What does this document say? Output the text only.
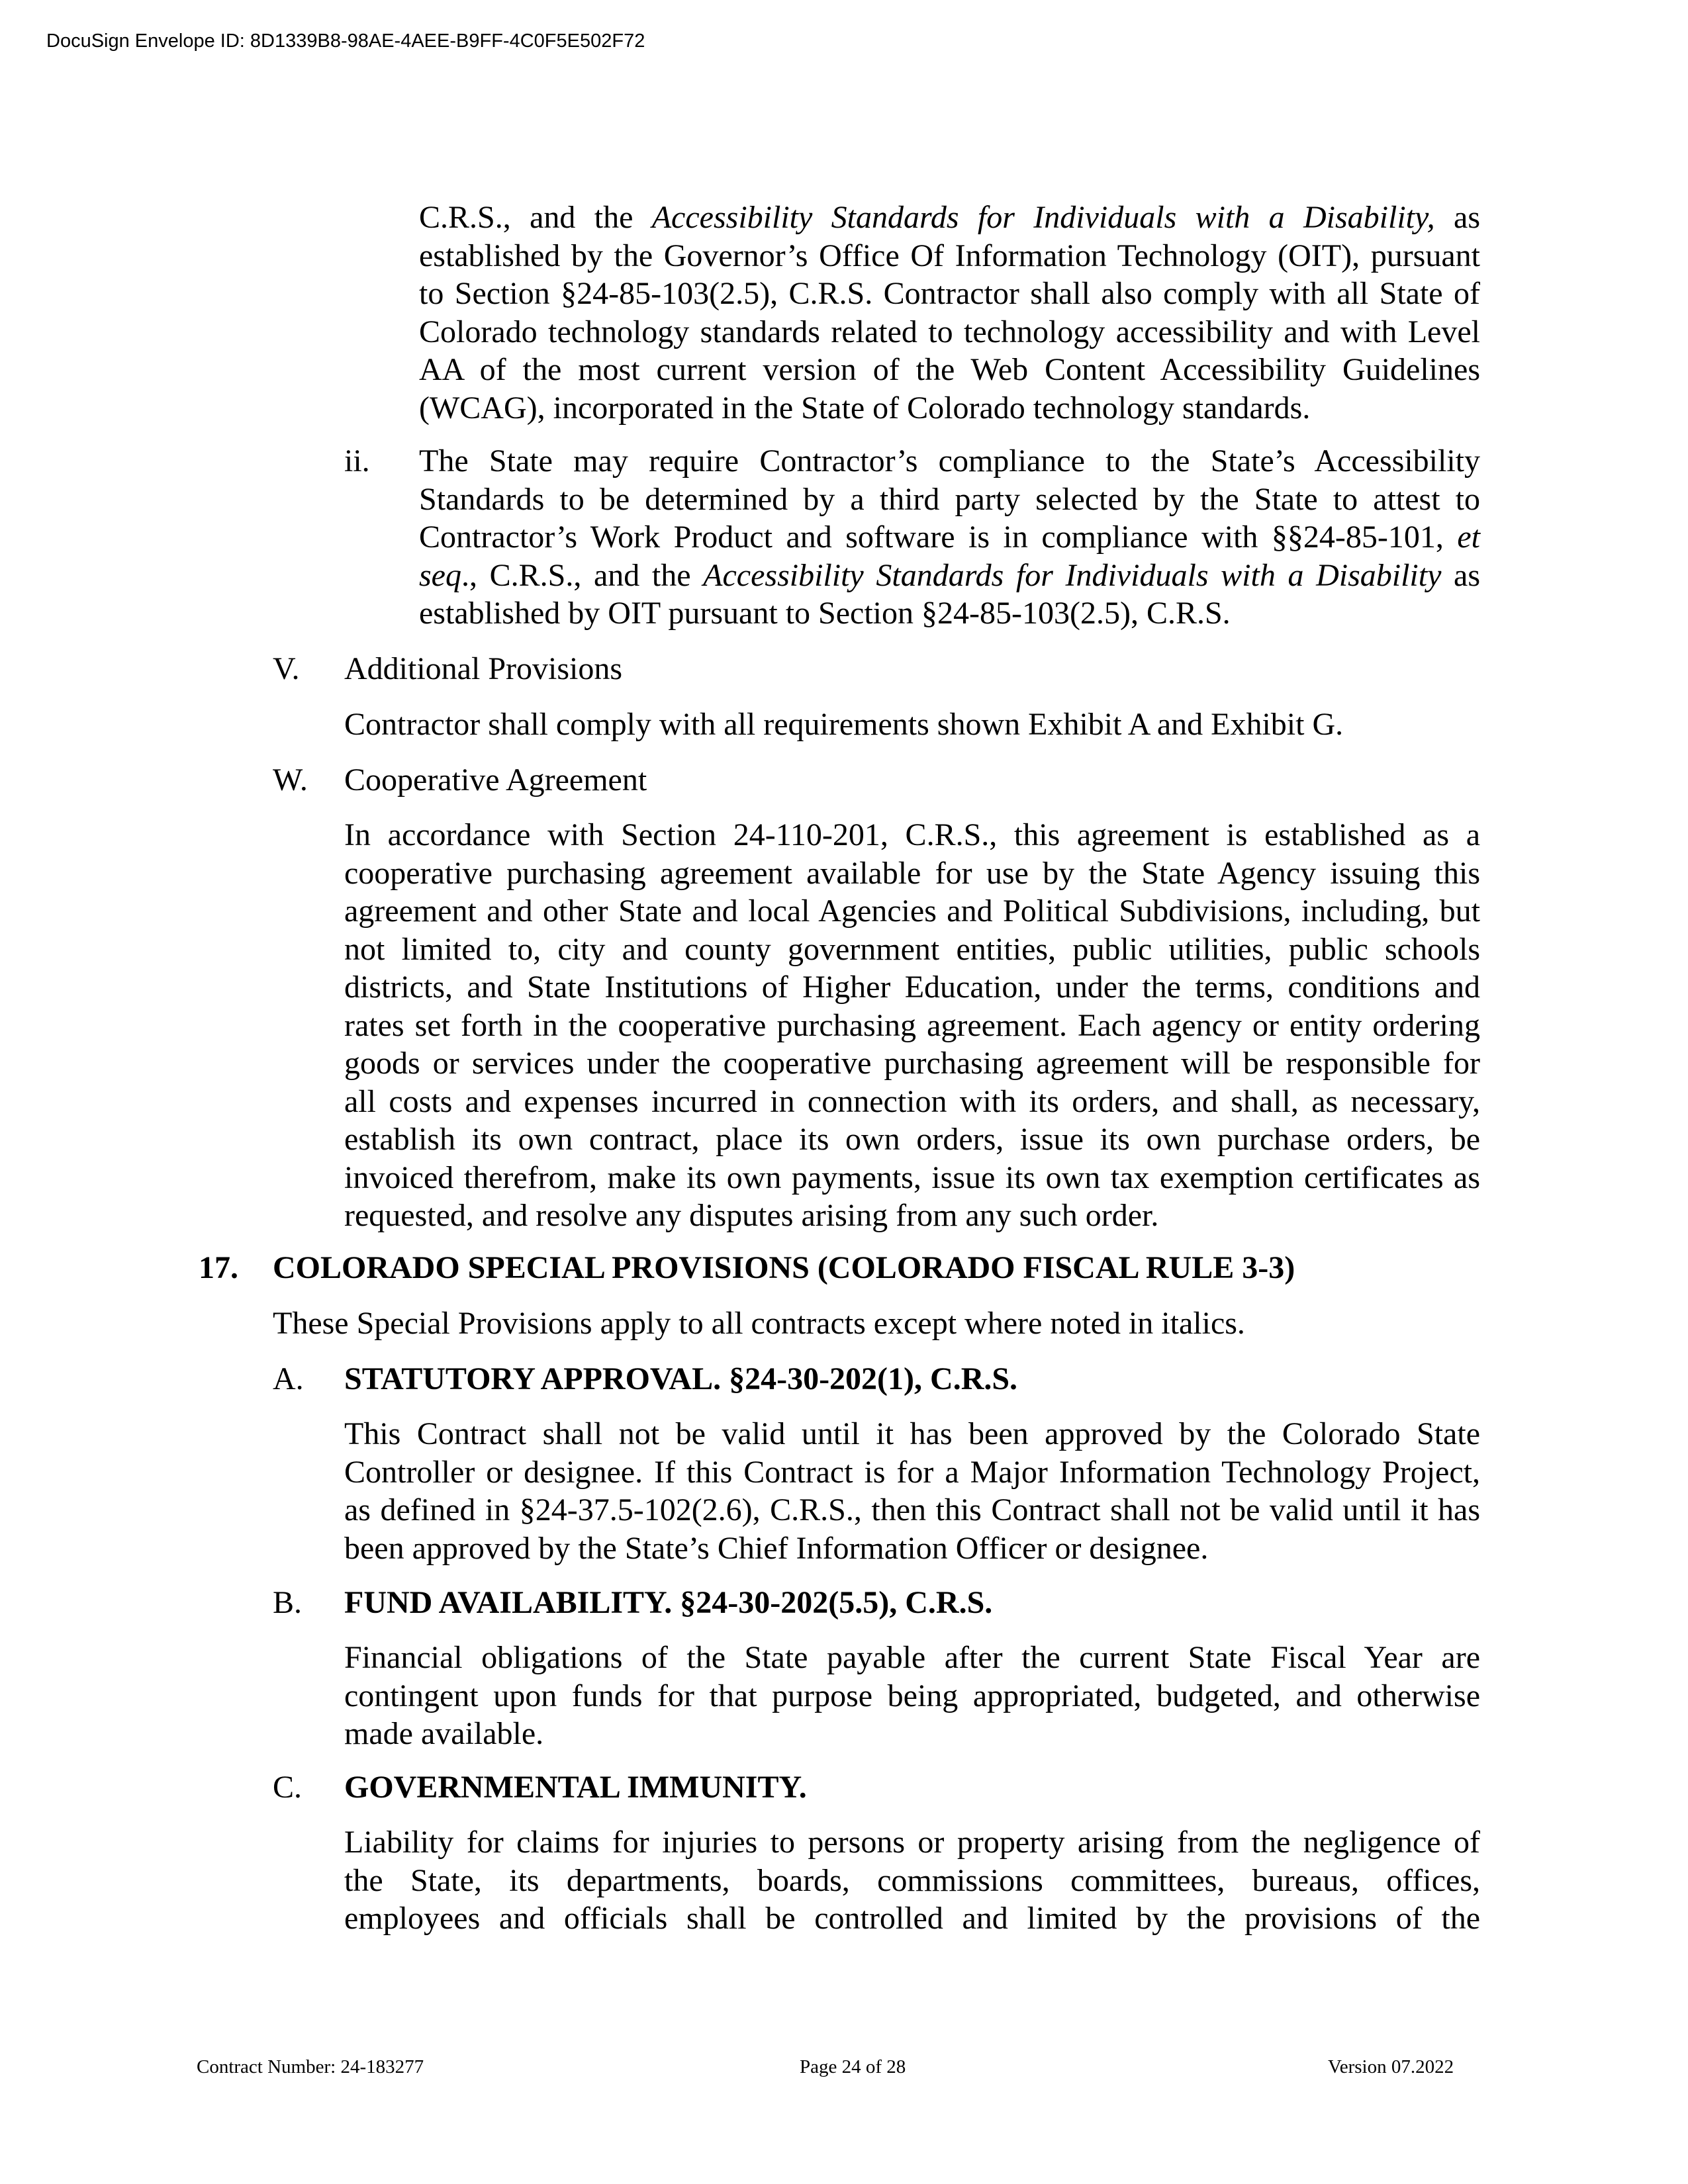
DocuSign Envelope ID: 8D1339B8-98AE-4AEE-B9FF-4C0F5E502F72
C.R.S., and the Accessibility Standards for Individuals with a Disability, as
established by the Governor’s Office Of Information Technology (OIT), pursuant
to Section §24-85-103(2.5), C.R.S. Contractor shall also comply with all State of
Colorado technology standards related to technology accessibility and with Level
AA of the most current version of the Web Content Accessibility Guidelines
(WCAG), incorporated in the State of Colorado technology standards.
ii. The State may require Contractor’s compliance to the State’s Accessibility
Standards to be determined by a third party selected by the State to attest to
Contractor’s Work Product and software is in compliance with §§24-85-101, et
seq., C.R.S., and the Accessibility Standards for Individuals with a Disability as
established by OIT pursuant to Section §24-85-103(2.5), C.R.S.
V. Additional Provisions
Contractor shall comply with all requirements shown Exhibit A and Exhibit G.
W. Cooperative Agreement
In accordance with Section 24-110-201, C.R.S., this agreement is established as a
cooperative purchasing agreement available for use by the State Agency issuing this
agreement and other State and local Agencies and Political Subdivisions, including, but
not limited to, city and county government entities, public utilities, public schools
districts, and State Institutions of Higher Education, under the terms, conditions and
rates set forth in the cooperative purchasing agreement. Each agency or entity ordering
goods or services under the cooperative purchasing agreement will be responsible for
all costs and expenses incurred in connection with its orders, and shall, as necessary,
establish its own contract, place its own orders, issue its own purchase orders, be
invoiced therefrom, make its own payments, issue its own tax exemption certificates as
requested, and resolve any disputes arising from any such order.
17. COLORADO SPECIAL PROVISIONS (COLORADO FISCAL RULE 3-3)
These Special Provisions apply to all contracts except where noted in italics.
A. STATUTORY APPROVAL. §24-30-202(1), C.R.S.
This Contract shall not be valid until it has been approved by the Colorado State
Controller or designee. If this Contract is for a Major Information Technology Project,
as defined in §24-37.5-102(2.6), C.R.S., then this Contract shall not be valid until it has
been approved by the State’s Chief Information Officer or designee.
B. FUND AVAILABILITY. §24-30-202(5.5), C.R.S.
Financial obligations of the State payable after the current State Fiscal Year are
contingent upon funds for that purpose being appropriated, budgeted, and otherwise
made available.
C. GOVERNMENTAL IMMUNITY.
Liability for claims for injuries to persons or property arising from the negligence of
the State, its departments, boards, commissions committees, bureaus, offices,
employees and officials shall be controlled and limited by the provisions of the
Contract Number: 24-183277	Page 24 of 28	Version 07.2022
